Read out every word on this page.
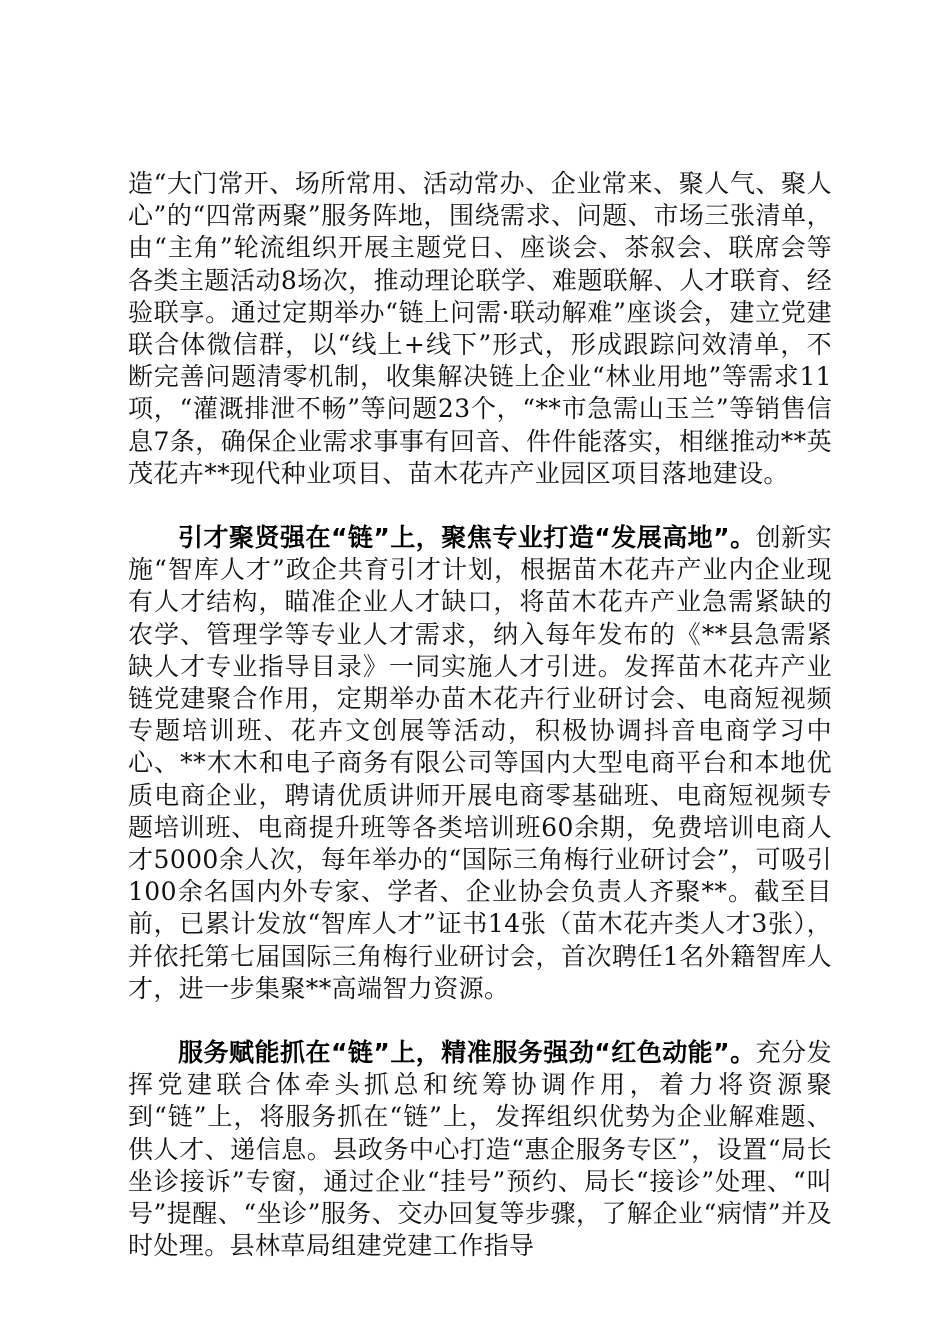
造“大门常开、场所常用、活动常办、企业常来、聚人气、聚人心”的“四常两聚”服务阵地，围绕需求、问题、市场三张清单，由“主角”轮流组织开展主题党日、座谈会、茶叙会、联席会等各类主题活动8场次，推动理论联学、难题联解、人才联育、经验联享。通过定期举办“链上问需·联动解难”座谈会，建立党建联合体微信群，以“线上+线下”形式，形成跟踪问效清单，不断完善问题清零机制，收集解决链上企业“林业用地”等需求11项，“灌溉排泄不畅”等问题23个，“**市急需山玉兰”等销售信息7条，确保企业需求事事有回音、件件能落实，相继推动**英茂花卉**现代种业项目、苗木花卉产业园区项目落地建设。

引才聚贤强在“链”上，聚焦专业打造“发展高地”。创新实施“智库人才”政企共育引才计划，根据苗木花卉产业内企业现有人才结构，瞄准企业人才缺口，将苗木花卉产业急需紧缺的农学、管理学等专业人才需求，纳入每年发布的《**县急需紧缺人才专业指导目录》一同实施人才引进。发挥苗木花卉产业链党建聚合作用，定期举办苗木花卉行业研讨会、电商短视频专题培训班、花卉文创展等活动，积极协调抖音电商学习中心、**木木和电子商务有限公司等国内大型电商平台和本地优质电商企业，聘请优质讲师开展电商零基础班、电商短视频专题培训班、电商提升班等各类培训班60余期，免费培训电商人才5000余人次，每年举办的“国际三角梅行业研讨会”，可吸引100余名国内外专家、学者、企业协会负责人齐聚**。截至目前，已累计发放“智库人才”证书14张（苗木花卉类人才3张），并依托第七届国际三角梅行业研讨会，首次聘任1名外籍智库人才，进一步集聚**高端智力资源。

服务赋能抓在“链”上，精准服务强劲“红色动能”。充分发挥党建联合体牵头抓总和统筹协调作用，着力将资源聚到“链”上，将服务抓在“链”上，发挥组织优势为企业解难题、供人才、递信息。县政务中心打造“惠企服务专区”，设置“局长坐诊接诉”专窗，通过企业“挂号”预约、局长“接诊”处理、“叫号”提醒、“坐诊”服务、交办回复等步骤，了解企业“病情”并及时处理。县林草局组建党建工作指导
